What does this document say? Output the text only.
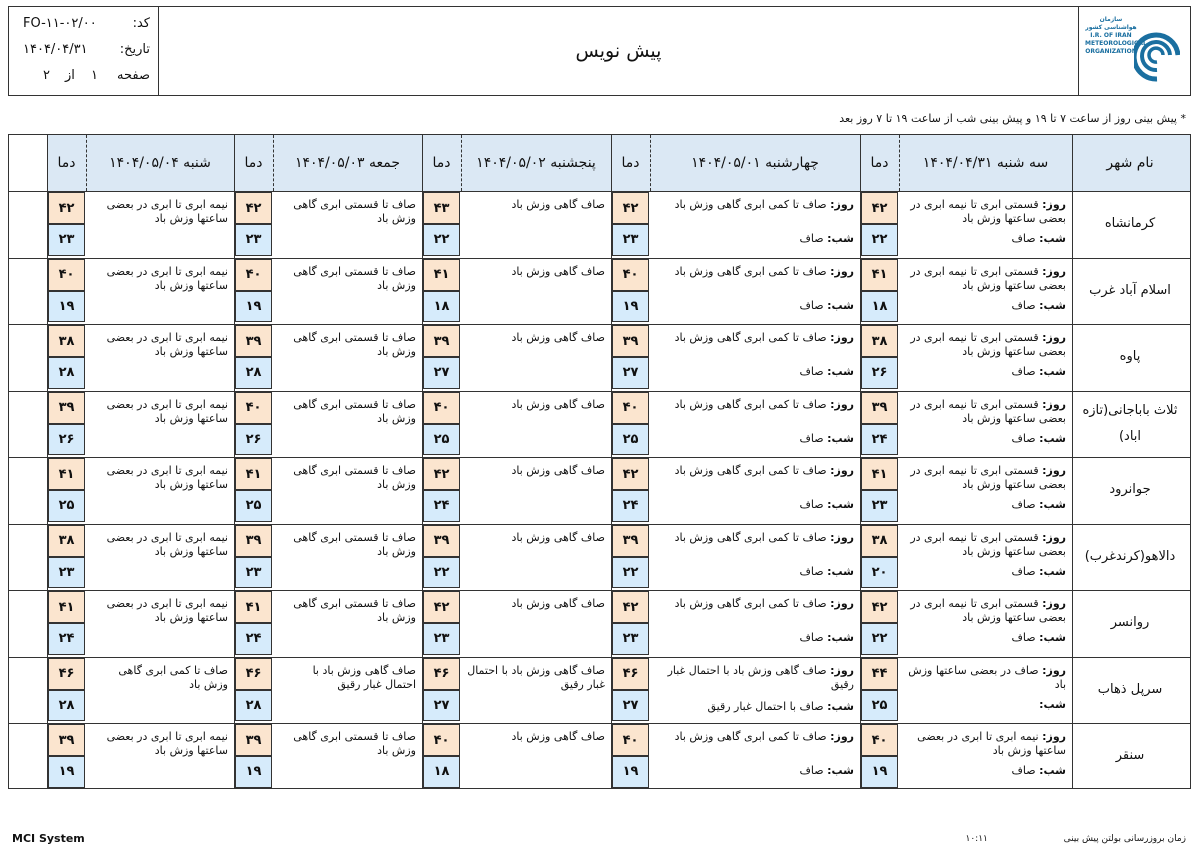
کد:
FO-۱۱-۰۲/۰۰
تاریخ:
۱۴۰۴/۰۴/۳۱
صفحه
۱
از
۲
پیش نویس
سازمان هواشناسی کشور
I.R. OF IRAN
METEOROLOGICAL
ORGANIZATION
* پیش بینی روز از ساعت ۷ تا ۱۹ و پیش بینی شب از ساعت ۱۹ تا ۷ روز بعد
نام شهر
سه شنبه ۱۴۰۴/۰۴/۳۱
دما
چهارشنبه ۱۴۰۴/۰۵/۰۱
دما
پنجشنبه ۱۴۰۴/۰۵/۰۲
دما
جمعه ۱۴۰۴/۰۵/۰۳
دما
شنبه ۱۴۰۴/۰۵/۰۴
دما
کرمانشاه
روز: قسمتی ابری تا نیمه ابری در بعضی ساعتها وزش باد
شب: صاف
۴۲
۲۲
روز: صاف تا کمی ابری گاهی وزش باد
شب: صاف
۴۲
۲۳
صاف گاهی وزش باد
۴۳
۲۲
صاف تا قسمتی ابری گاهی وزش باد
۴۲
۲۳
نیمه ابری تا ابری در بعضی ساعتها وزش باد
۴۲
۲۳
اسلام آباد غرب
روز: قسمتی ابری تا نیمه ابری در بعضی ساعتها وزش باد
شب: صاف
۴۱
۱۸
روز: صاف تا کمی ابری گاهی وزش باد
شب: صاف
۴۰
۱۹
صاف گاهی وزش باد
۴۱
۱۸
صاف تا قسمتی ابری گاهی وزش باد
۴۰
۱۹
نیمه ابری تا ابری در بعضی ساعتها وزش باد
۴۰
۱۹
پاوه
روز: قسمتی ابری تا نیمه ابری در بعضی ساعتها وزش باد
شب: صاف
۳۸
۲۶
روز: صاف تا کمی ابری گاهی وزش باد
شب: صاف
۳۹
۲۷
صاف گاهی وزش باد
۳۹
۲۷
صاف تا قسمتی ابری گاهی وزش باد
۳۹
۲۸
نیمه ابری تا ابری در بعضی ساعتها وزش باد
۳۸
۲۸
ثلاث باباجانی(تازه اباد)
روز: قسمتی ابری تا نیمه ابری در بعضی ساعتها وزش باد
شب: صاف
۳۹
۲۴
روز: صاف تا کمی ابری گاهی وزش باد
شب: صاف
۴۰
۲۵
صاف گاهی وزش باد
۴۰
۲۵
صاف تا قسمتی ابری گاهی وزش باد
۴۰
۲۶
نیمه ابری تا ابری در بعضی ساعتها وزش باد
۳۹
۲۶
جوانرود
روز: قسمتی ابری تا نیمه ابری در بعضی ساعتها وزش باد
شب: صاف
۴۱
۲۳
روز: صاف تا کمی ابری گاهی وزش باد
شب: صاف
۴۲
۲۴
صاف گاهی وزش باد
۴۲
۲۴
صاف تا قسمتی ابری گاهی وزش باد
۴۱
۲۵
نیمه ابری تا ابری در بعضی ساعتها وزش باد
۴۱
۲۵
دالاهو(کرندغرب)
روز: قسمتی ابری تا نیمه ابری در بعضی ساعتها وزش باد
شب: صاف
۳۸
۲۰
روز: صاف تا کمی ابری گاهی وزش باد
شب: صاف
۳۹
۲۲
صاف گاهی وزش باد
۳۹
۲۲
صاف تا قسمتی ابری گاهی وزش باد
۳۹
۲۳
نیمه ابری تا ابری در بعضی ساعتها وزش باد
۳۸
۲۳
روانسر
روز: قسمتی ابری تا نیمه ابری در بعضی ساعتها وزش باد
شب: صاف
۴۲
۲۲
روز: صاف تا کمی ابری گاهی وزش باد
شب: صاف
۴۲
۲۳
صاف گاهی وزش باد
۴۲
۲۳
صاف تا قسمتی ابری گاهی وزش باد
۴۱
۲۴
نیمه ابری تا ابری در بعضی ساعتها وزش باد
۴۱
۲۴
سرپل ذهاب
روز: صاف در بعضی ساعتها وزش باد
شب:
۴۴
۲۵
روز: صاف گاهی وزش باد با احتمال غبار رقیق
شب: صاف با احتمال غبار رقیق
۴۶
۲۷
صاف گاهی وزش باد با احتمال غبار رقیق
۴۶
۲۷
صاف گاهی وزش باد با احتمال غبار رقیق
۴۶
۲۸
صاف تا کمی ابری گاهی وزش باد
۴۶
۲۸
سنقر
روز: نیمه ابری تا ابری در بعضی ساعتها وزش باد
شب: صاف
۴۰
۱۹
روز: صاف تا کمی ابری گاهی وزش باد
شب: صاف
۴۰
۱۹
صاف گاهی وزش باد
۴۰
۱۸
صاف تا قسمتی ابری گاهی وزش باد
۳۹
۱۹
نیمه ابری تا ابری در بعضی ساعتها وزش باد
۳۹
۱۹
MCI System	زمان بروزرسانی بولتن پیش بینی  ۱۰:۱۱
